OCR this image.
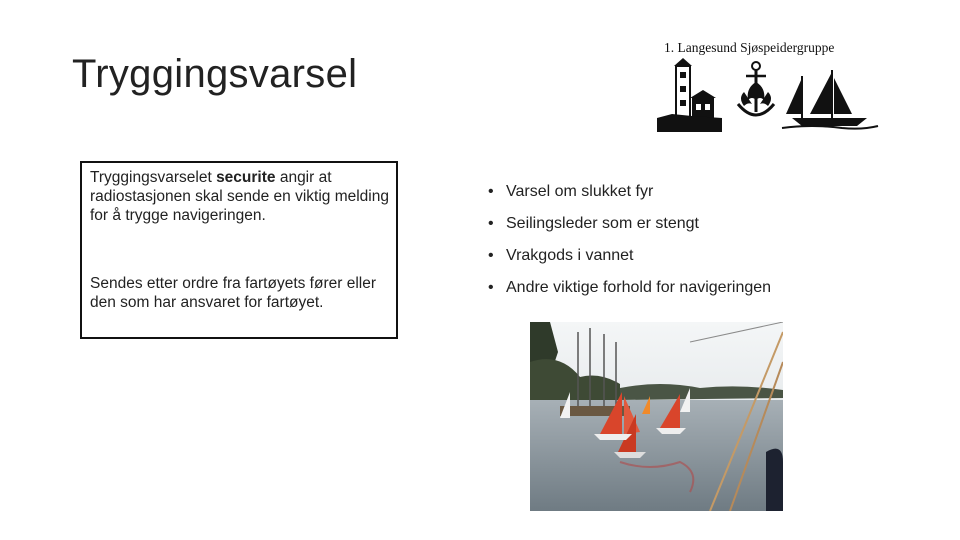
Tryggingsvarsel
1. Langesund Sjøspeidergruppe

Tryggingsvarselet securite angir at radiostasjonen skal sende en viktig melding for å trygge navigeringen.

Sendes etter ordre fra fartøyets fører eller den som har ansvaret for fartøyet.

• Varsel om slukket fyr
• Seilingsleder som er stengt
• Vrakgods i vannet
• Andre viktige forhold for navigeringen
